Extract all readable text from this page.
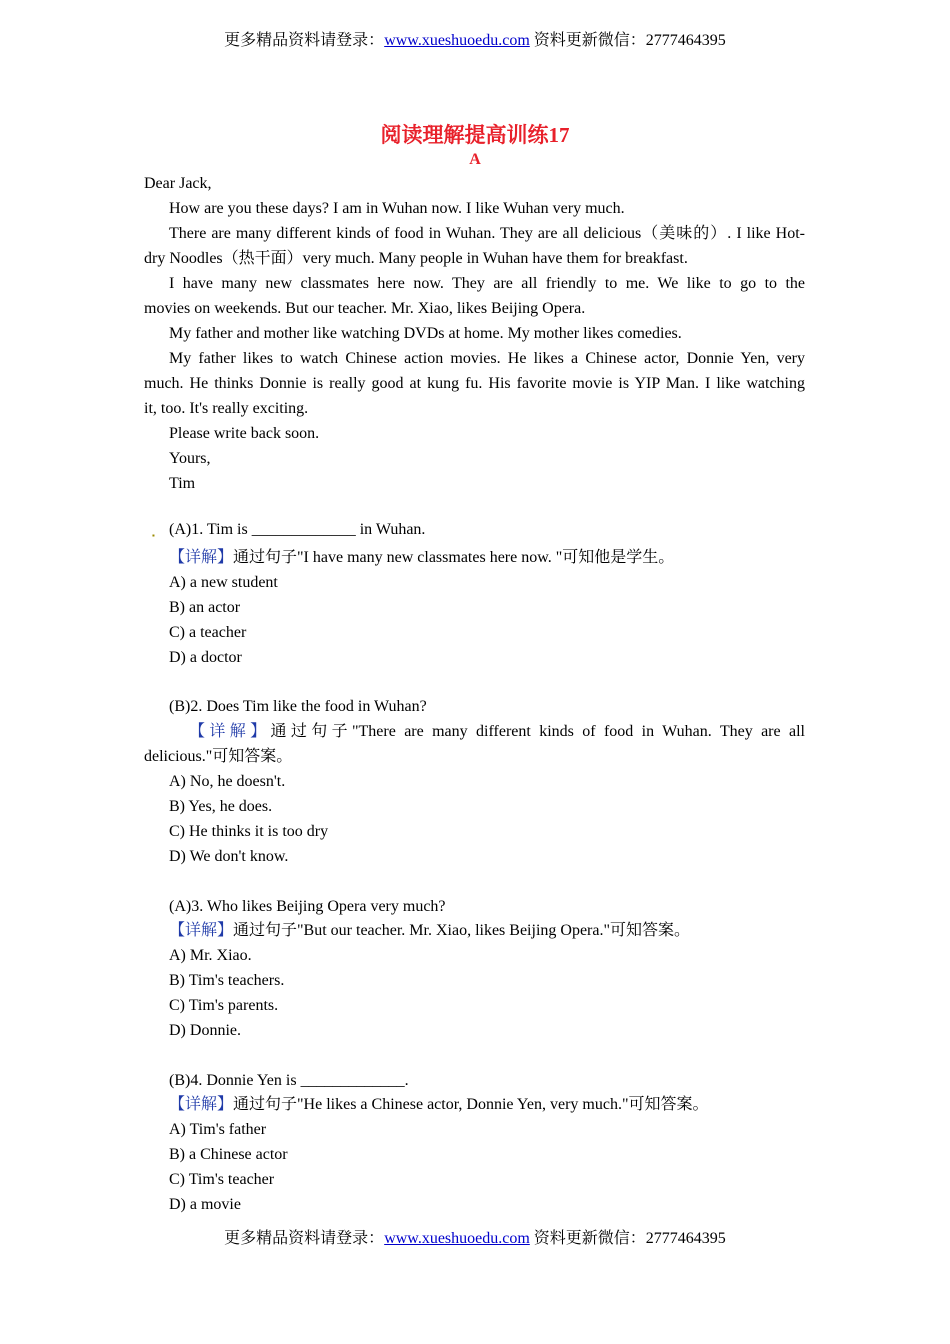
更多精品资料请登录：www.xueshuoedu.com 资料更新微信：2777464395
阅读理解提高训练17
A
Dear Jack,
How are you these days? I am in Wuhan now. I like Wuhan very much.
There are many different kinds of food in Wuhan. They are all delicious（美味的）. I like Hot-
dry Noodles（热干面）very much. Many people in Wuhan have them for breakfast.
I have many new classmates here now. They are all friendly to me. We like to go to the
movies on weekends. But our teacher. Mr. Xiao, likes Beijing Opera.
My father and mother like watching DVDs at home. My mother likes comedies.
My father likes to watch Chinese action movies. He likes a Chinese actor, Donnie Yen, very
much. He thinks Donnie is really good at kung fu. His favorite movie is YIP Man. I like watching
it, too. It's really exciting.
Please write back soon.
Yours,
Tim
▪ (A)1. Tim is _____________ in Wuhan.
【详解】通过句子"I have many new classmates here now. "可知他是学生。
A) a new student
B) an actor
C) a teacher
D) a doctor
(B)2. Does Tim like the food in Wuhan?
【详解】通过句子"There are many different kinds of food in Wuhan. They are all
delicious."可知答案。
A) No, he doesn't.
B) Yes, he does.
C) He thinks it is too dry
D) We don't know.
(A)3. Who likes Beijing Opera very much?
【详解】通过句子"But our teacher. Mr. Xiao, likes Beijing Opera."可知答案。
A) Mr. Xiao.
B) Tim's teachers.
C) Tim's parents.
D) Donnie.
(B)4. Donnie Yen is _____________.
【详解】通过句子"He likes a Chinese actor, Donnie Yen, very much."可知答案。
A) Tim's father
B) a Chinese actor
C) Tim's teacher
D) a movie
更多精品资料请登录：www.xueshuoedu.com 资料更新微信：2777464395
